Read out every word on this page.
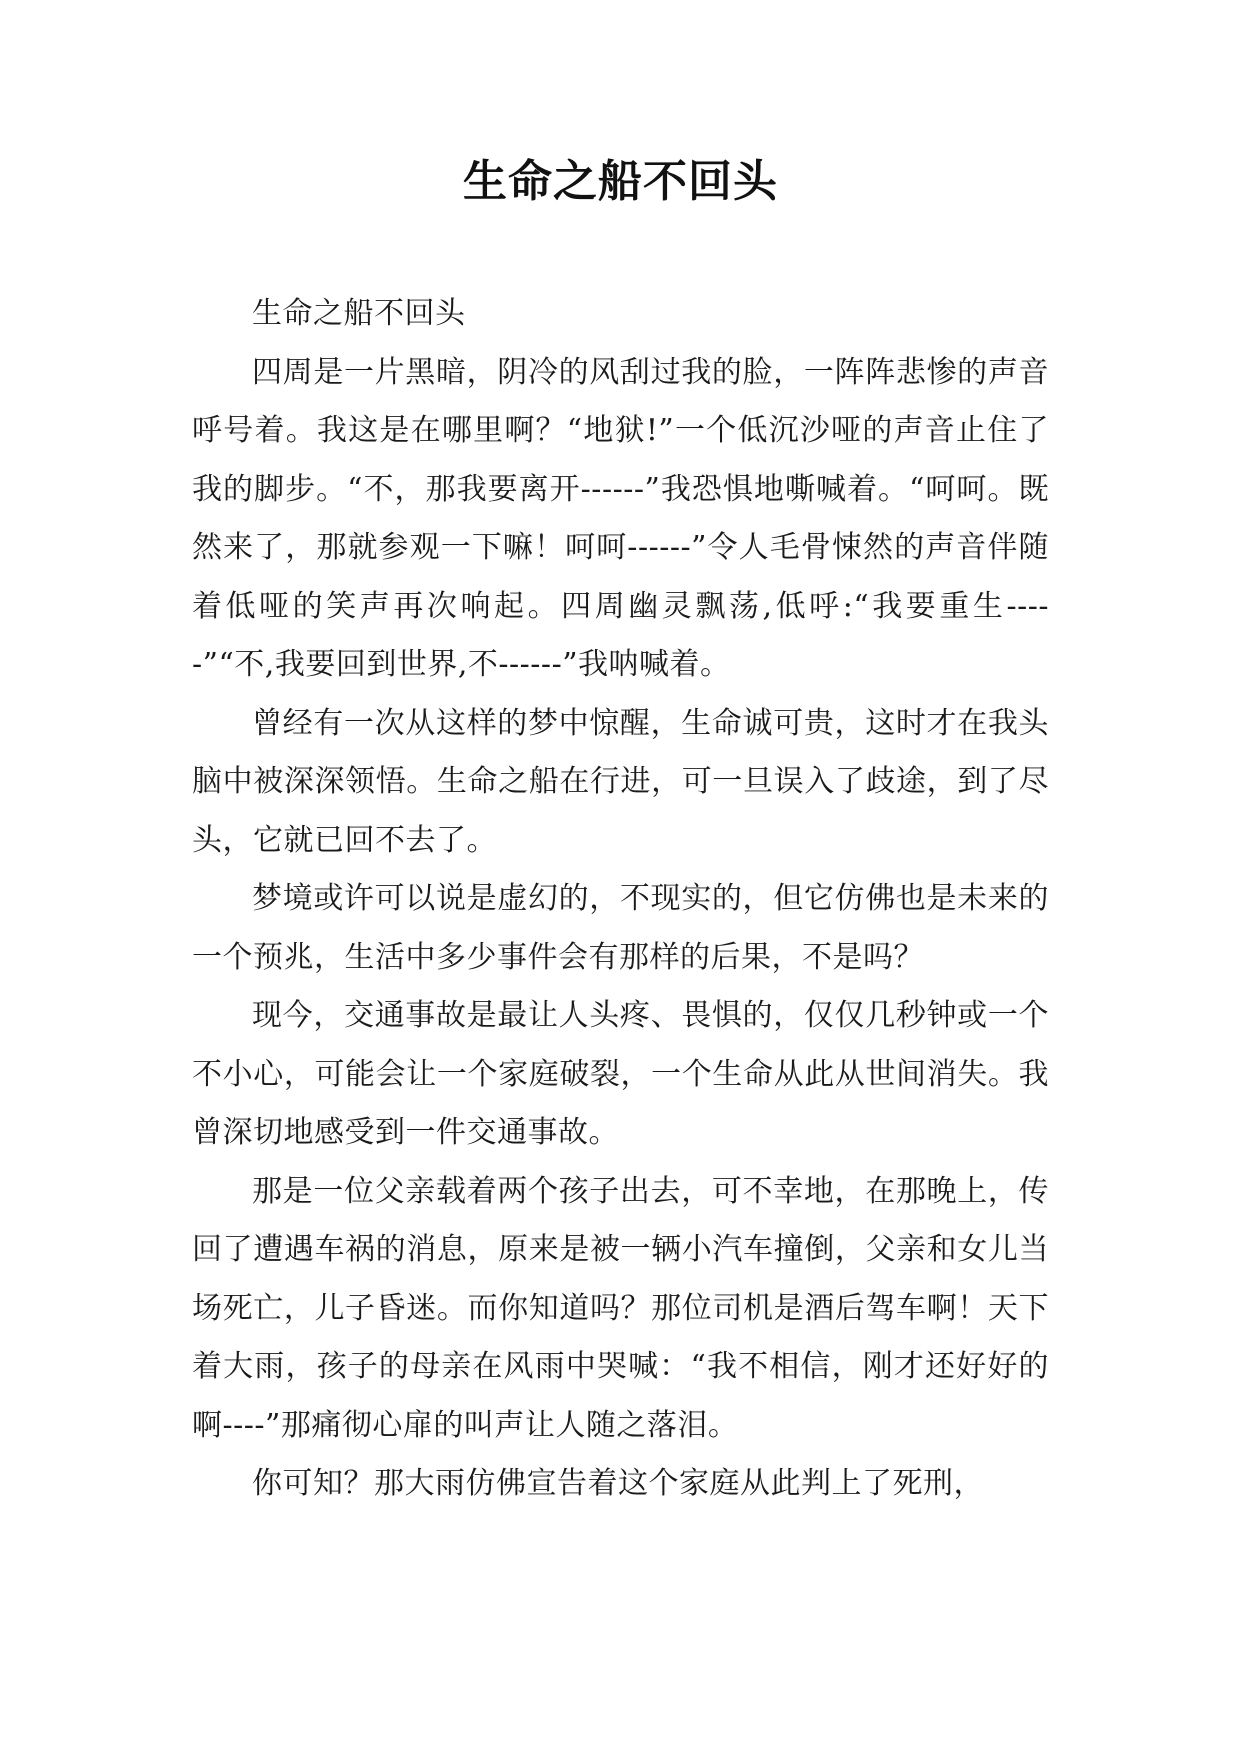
生命之船不回头

生命之船不回头

四周是一片黑暗，阴冷的风刮过我的脸，一阵阵悲惨的声音呼号着。我这是在哪里啊？“地狱!”一个低沉沙哑的声音止住了我的脚步。“不，那我要离开------”我恐惧地嘶喊着。“呵呵。既然来了，那就参观一下嘛！呵呵------”令人毛骨悚然的声音伴随着低哑的笑声再次响起。四周幽灵飘荡,低呼:“我要重生-----”“不,我要回到世界,不------”我呐喊着。

曾经有一次从这样的梦中惊醒，生命诚可贵，这时才在我头脑中被深深领悟。生命之船在行进，可一旦误入了歧途，到了尽头，它就已回不去了。

梦境或许可以说是虚幻的，不现实的，但它仿佛也是未来的一个预兆，生活中多少事件会有那样的后果，不是吗？

现今，交通事故是最让人头疼、畏惧的，仅仅几秒钟或一个不小心，可能会让一个家庭破裂，一个生命从此从世间消失。我曾深切地感受到一件交通事故。

那是一位父亲载着两个孩子出去，可不幸地，在那晚上，传回了遭遇车祸的消息，原来是被一辆小汽车撞倒，父亲和女儿当场死亡，儿子昏迷。而你知道吗？那位司机是酒后驾车啊！天下着大雨，孩子的母亲在风雨中哭喊：“我不相信，刚才还好好的啊----”那痛彻心扉的叫声让人随之落泪。

你可知？那大雨仿佛宣告着这个家庭从此判上了死刑，
